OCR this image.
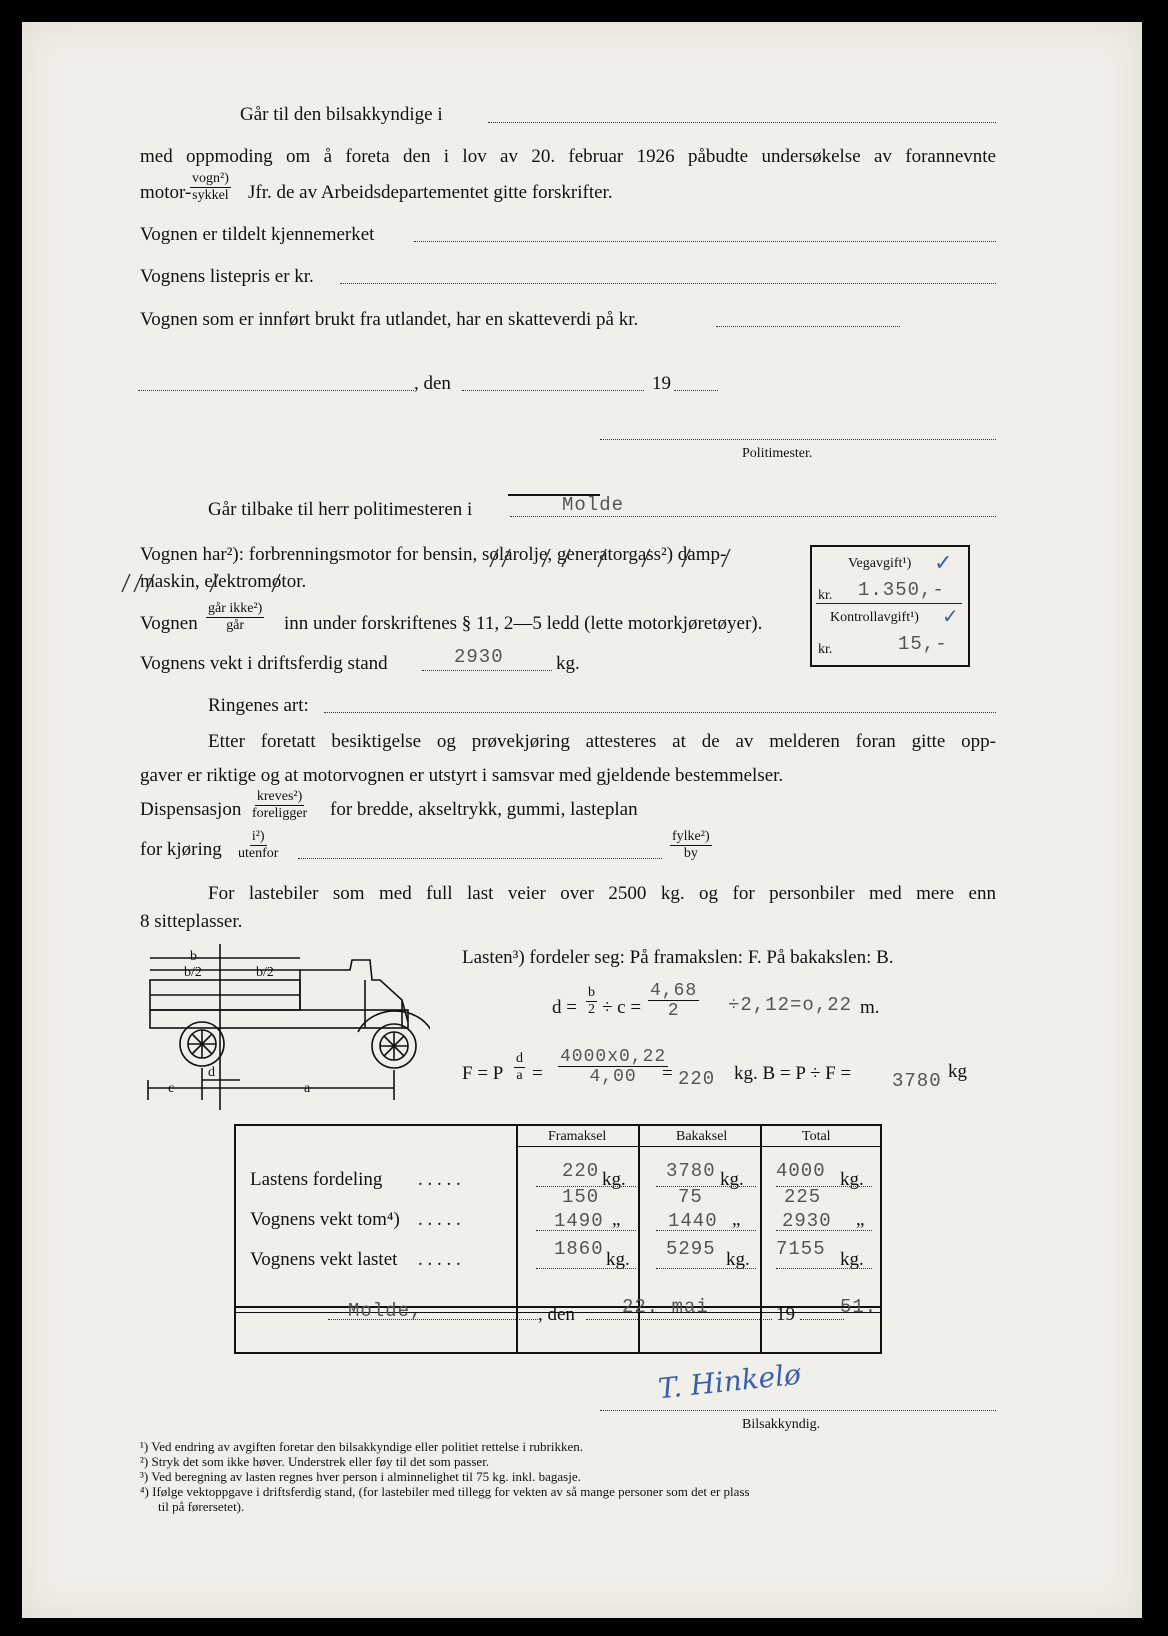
Går til den bilsakkyndige i
med oppmoding om å foreta den i lov av 20. februar 1926 påbudte undersøkelse av forannevnte
motor-
vogn²)
sykkel Jfr. de av Arbeidsdepartementet gitte forskrifter.
Vognen er tildelt kjennemerket
Vognens listepris er kr.
Vognen som er innført brukt fra utlandet, har en skatteverdi på kr.
, den	19
Politimester.
Går tilbake til herr politimesteren i	Molde
Vognen har²): forbrenningsmotor for bensin, solarolje, generatorgass²) damp-
maskin, elektromotor.
Vognen
går ikke²)
går inn under forskriftenes § 11, 2—5 ledd (lette motorkjøretøyer).
Vognens vekt i driftsferdig stand	2930	kg.
Ringenes art:
Etter foretatt besiktigelse og prøvekjøring attesteres at de av melderen foran gitte opp-
gaver er riktige og at motorvognen er utstyrt i samsvar med gjeldende bestemmelser.
Dispensasjon
kreves²)
foreligger for bredde, akseltrykk, gummi, lasteplan
for kjøring
i²)
utenfor
fylke²)
by
Vegavgift¹) ✓
kr. 1.350,-
Kontrollavgift¹) ✓
kr.	15,-
For lastebiler som med full last veier over 2500 kg. og for personbiler med mere enn
8 sitteplasser.
b
b/2	b/2
c
d
a
Lasten³) fordeler seg: På framakslen: F. På bakakslen: B.
$d = \frac{b}{2} \div c = \frac{4,68}{2} \div 2,12=o,22$ m.
F = P $\frac{d}{a} = \frac{4000x0,22}{4,00}$
= 220 kg. B = P ÷ F = 3780 kg
Framaksel	Bakaksel	Total
Lastens fordeling . . . . .	220 kg. 3780 kg. 4000 kg.
150	75	225
Vognens vekt tom⁴) . . . . .	1490 „	1440 „ 2930 „
Vognens vekt lastet . . . . .	1860 kg. 5295 kg. 7155 kg.
Molde,	, den 22. mai	19 51.
T. Hinkelø
Bilsakkyndig.
¹) Ved endring av avgiften foretar den bilsakkyndige eller politiet rettelse i rubrikken.
²) Stryk det som ikke høver. Understrek eller føy til det som passer.
³) Ved beregning av lasten regnes hver person i alminnelighet til 75 kg. inkl. bagasje.
⁴) Ifølge vektoppgave i driftsferdig stand, (for lastebiler med tillegg for vekten av så mange personer som det er plass
til på førersetet).
